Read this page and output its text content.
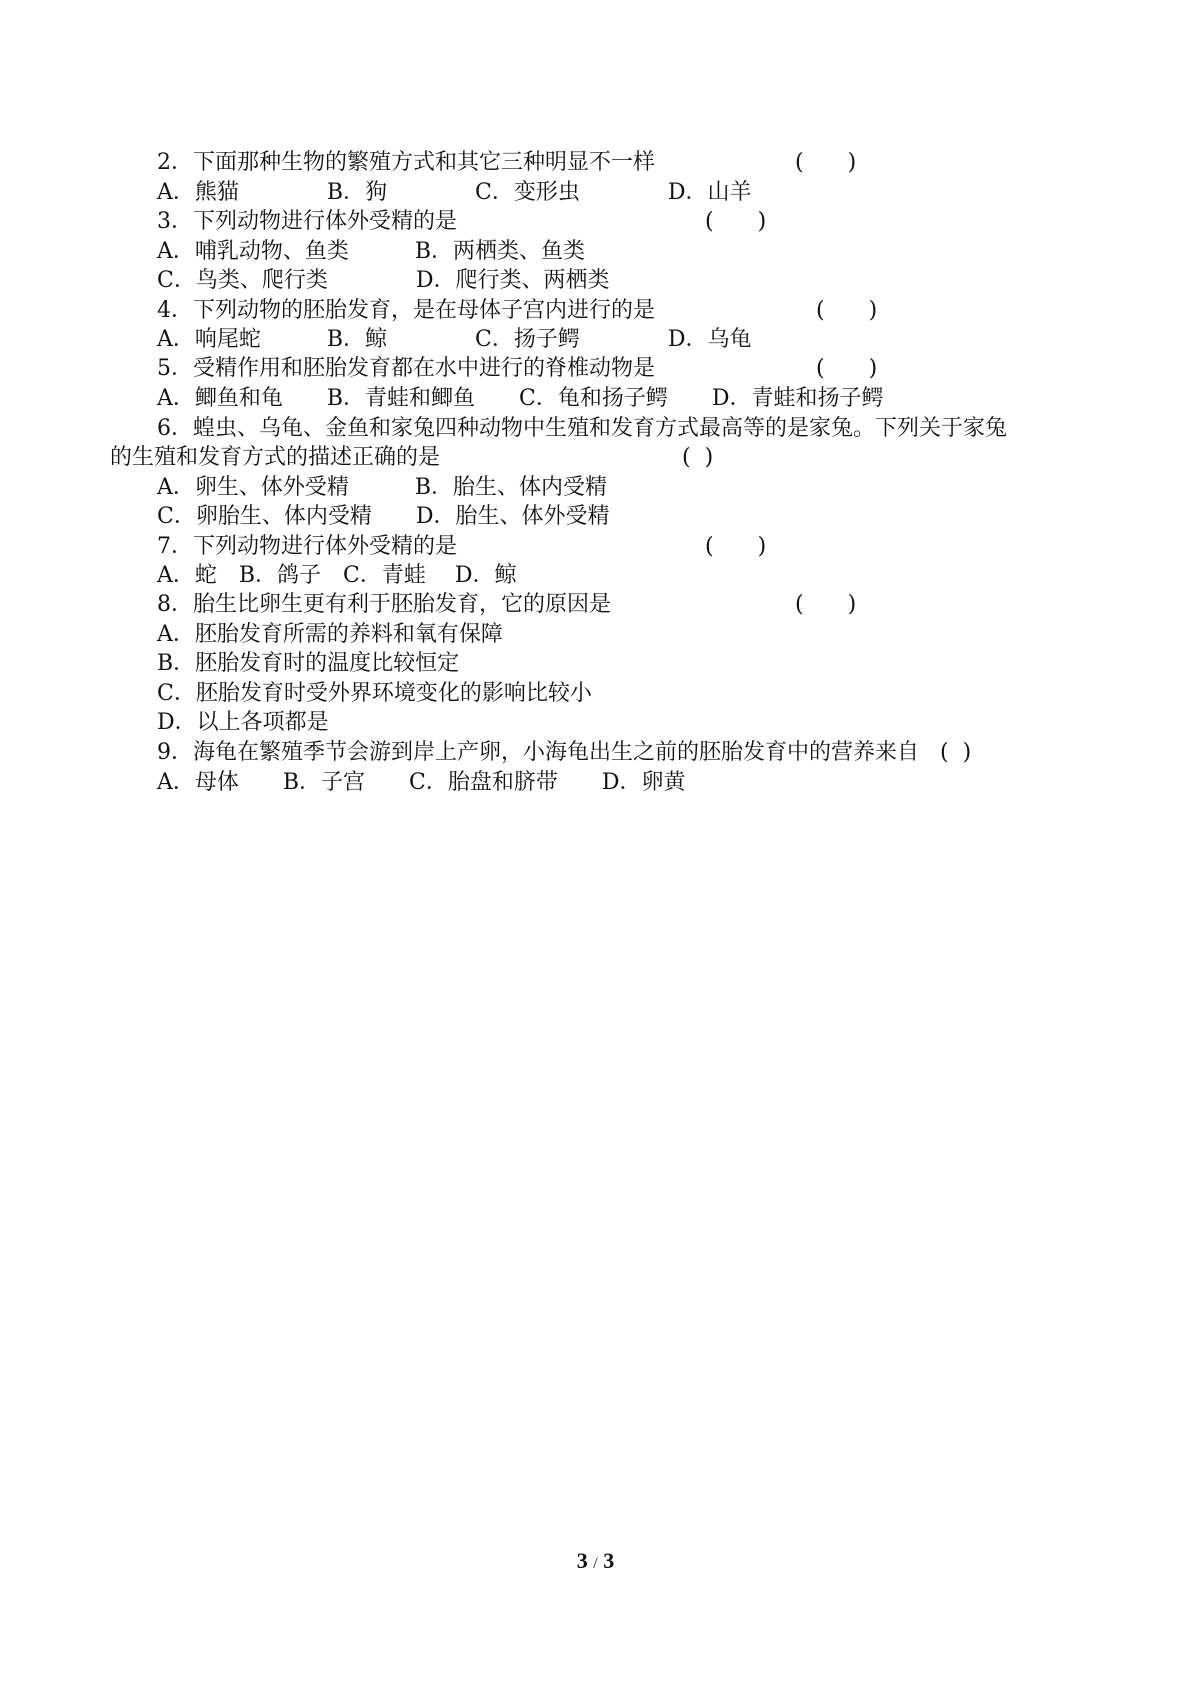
2．下面那种生物的繁殖方式和其它三种明显不一样	(　　)
A．熊猫　　　　B．狗　　　　C．变形虫　　　　D．山羊
3．下列动物进行体外受精的是	(　　)
A．哺乳动物、鱼类　　　B．两栖类、鱼类
C．鸟类、爬行类　　　　D．爬行类、两栖类
4．下列动物的胚胎发育，是在母体子宫内进行的是	(　　)
A．响尾蛇　　　B．鲸　　　　C．扬子鳄　　　　D．乌龟
5．受精作用和胚胎发育都在水中进行的脊椎动物是	(　　)
A．鲫鱼和龟　　B．青蛙和鲫鱼　　C．龟和扬子鳄　　D．青蛙和扬子鳄
6．蝗虫、乌龟、金鱼和家兔四种动物中生殖和发育方式最高等的是家兔。下列关于家兔
的生殖和发育方式的描述正确的是	(  )
A．卵生、体外受精　　　B．胎生、体内受精
C．卵胎生、体内受精　　D．胎生、体外受精
7．下列动物进行体外受精的是	(　　)
A．蛇　B．鸽子　C．青蛙　 D．鲸
8．胎生比卵生更有利于胚胎发育，它的原因是	(　　)
A．胚胎发育所需的养料和氧有保障
B．胚胎发育时的温度比较恒定
C．胚胎发育时受外界环境变化的影响比较小
D．以上各项都是
9．海龟在繁殖季节会游到岸上产卵，小海龟出生之前的胚胎发育中的营养来自 (  )
A．母体　　B．子宫　　C．胎盘和脐带　　D．卵黄
3 / 3
